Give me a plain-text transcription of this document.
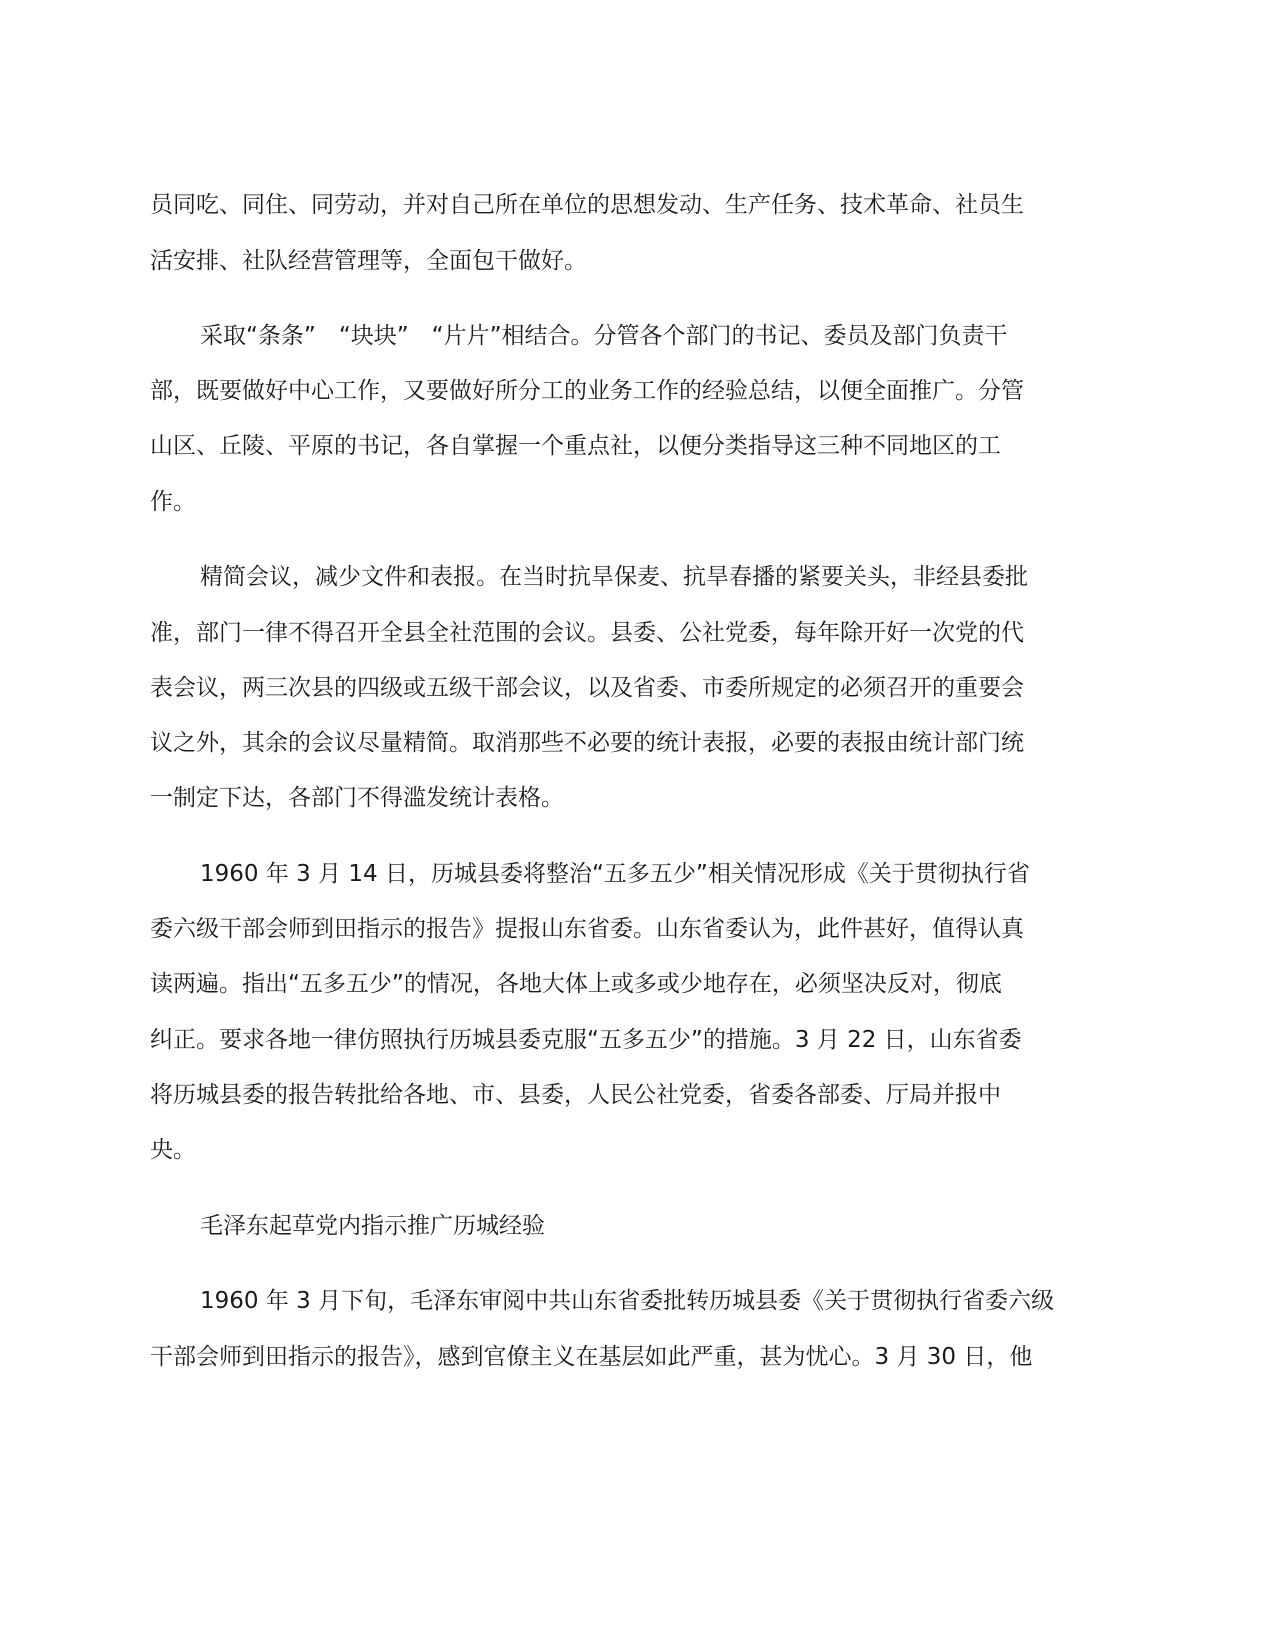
员同吃、同住、同劳动，并对自己所在单位的思想发动、生产任务、技术革命、社员生
活安排、社队经营管理等，全面包干做好。
采取“条条”　“块块”　“片片”相结合。分管各个部门的书记、委员及部门负责干
部，既要做好中心工作，又要做好所分工的业务工作的经验总结，以便全面推广。分管
山区、丘陵、平原的书记，各自掌握一个重点社，以便分类指导这三种不同地区的工
作。
精简会议，减少文件和表报。在当时抗旱保麦、抗旱春播的紧要关头，非经县委批
准，部门一律不得召开全县全社范围的会议。县委、公社党委，每年除开好一次党的代
表会议，两三次县的四级或五级干部会议，以及省委、市委所规定的必须召开的重要会
议之外，其余的会议尽量精简。取消那些不必要的统计表报，必要的表报由统计部门统
一制定下达，各部门不得滥发统计表格。
1960 年 3 月 14 日，历城县委将整治“五多五少”相关情况形成《关于贯彻执行省
委六级干部会师到田指示的报告》提报山东省委。山东省委认为，此件甚好，值得认真
读两遍。指出“五多五少”的情况，各地大体上或多或少地存在，必须坚决反对，彻底
纠正。要求各地一律仿照执行历城县委克服“五多五少”的措施。3 月 22 日，山东省委
将历城县委的报告转批给各地、市、县委，人民公社党委，省委各部委、厅局并报中
央。
毛泽东起草党内指示推广历城经验
1960 年 3 月下旬，毛泽东审阅中共山东省委批转历城县委《关于贯彻执行省委六级
干部会师到田指示的报告》，感到官僚主义在基层如此严重，甚为忧心。3 月 30 日，他
